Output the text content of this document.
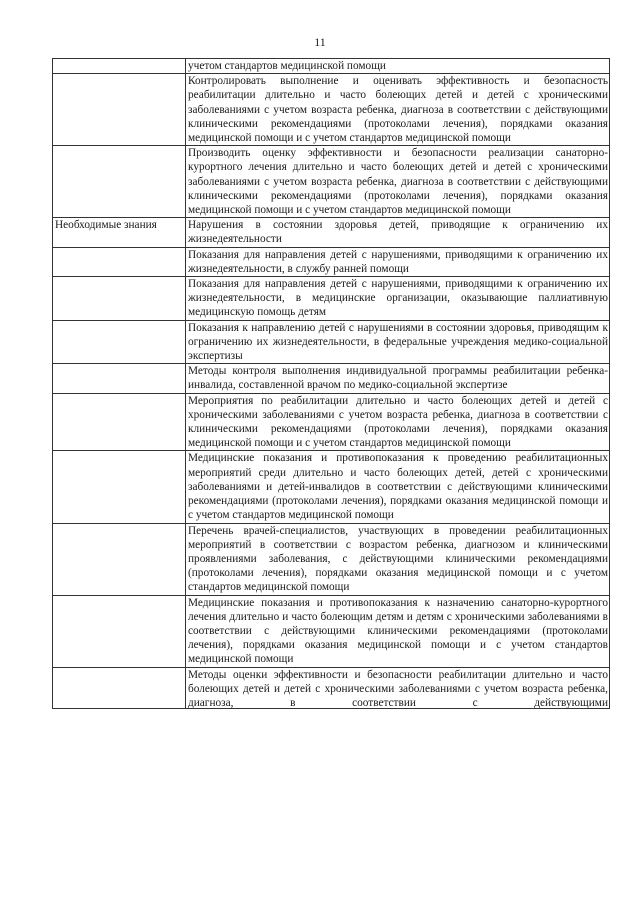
11

	учетом стандартов медицинской помощи

	Контролировать выполнение и оценивать эффективность и безопасность реабилитации длительно и часто болеющих детей и детей с хроническими заболеваниями с учетом возраста ребенка, диагноза в соответствии с действующими клиническими рекомендациями (протоколами лечения), порядками оказания медицинской помощи и с учетом стандартов медицинской помощи

	Производить оценку эффективности и безопасности реализации санаторно-курортного лечения длительно и часто болеющих детей и детей с хроническими заболеваниями с учетом возраста ребенка, диагноза в соответствии с действующими клиническими рекомендациями (протоколами лечения), порядками оказания медицинской помощи и с учетом стандартов медицинской помощи

Необходимые знания	Нарушения в состоянии здоровья детей, приводящие к ограничению их жизнедеятельности

	Показания для направления детей с нарушениями, приводящими к ограничению их жизнедеятельности, в службу ранней помощи

	Показания для направления детей с нарушениями, приводящими к ограничению их жизнедеятельности, в медицинские организации, оказывающие паллиативную медицинскую помощь детям

	Показания к направлению детей с нарушениями в состоянии здоровья, приводящим к ограничению их жизнедеятельности, в федеральные учреждения медико-социальной экспертизы

	Методы контроля выполнения индивидуальной программы реабилитации ребенка-инвалида, составленной врачом по медико-социальной экспертизе

	Мероприятия по реабилитации длительно и часто болеющих детей и детей с хроническими заболеваниями с учетом возраста ребенка, диагноза в соответствии с клиническими рекомендациями (протоколами лечения), порядками оказания медицинской помощи и с учетом стандартов медицинской помощи

	Медицинские показания и противопоказания к проведению реабилитационных мероприятий среди длительно и часто болеющих детей, детей с хроническими заболеваниями и детей-инвалидов в соответствии с действующими клиническими рекомендациями (протоколами лечения), порядками оказания медицинской помощи и с учетом стандартов медицинской помощи

	Перечень врачей-специалистов, участвующих в проведении реабилитационных мероприятий в соответствии с возрастом ребенка, диагнозом и клиническими проявлениями заболевания, с действующими клиническими рекомендациями (протоколами лечения), порядками оказания медицинской помощи и с учетом стандартов медицинской помощи

	Медицинские показания и противопоказания к назначению санаторно-курортного лечения длительно и часто болеющим детям и детям с хроническими заболеваниями в соответствии с действующими клиническими рекомендациями (протоколами лечения), порядками оказания медицинской помощи и с учетом стандартов медицинской помощи

	Методы оценки эффективности и безопасности реабилитации длительно и часто болеющих детей и детей с хроническими заболеваниями с учетом возраста ребенка, диагноза, в соответствии с действующими
